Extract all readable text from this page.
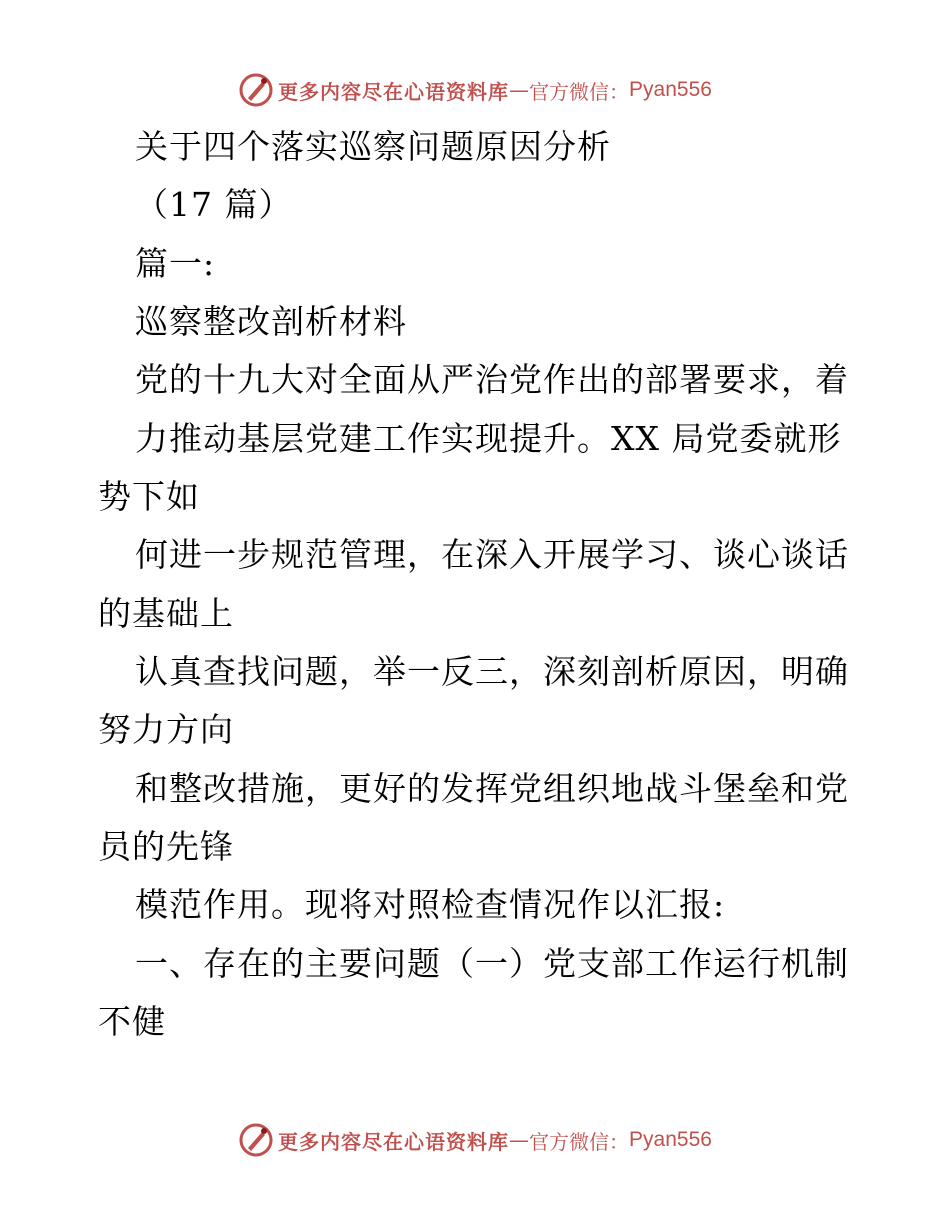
更多内容尽在心语资料库 — 官方微信： Pyan556
关于四个落实巡察问题原因分析
（17 篇）
篇一:
巡察整改剖析材料
党的十九大对全面从严治党作出的部署要求，着
力推动基层党建工作实现提升。XX 局党委就形
势下如
何进一步规范管理，在深入开展学习、谈心谈话
的基础上
认真查找问题，举一反三，深刻剖析原因，明确
努力方向
和整改措施，更好的发挥党组织地战斗堡垒和党
员的先锋
模范作用。现将对照检查情况作以汇报:
一、存在的主要问题（一）党支部工作运行机制
不健
更多内容尽在心语资料库 — 官方微信： Pyan556
